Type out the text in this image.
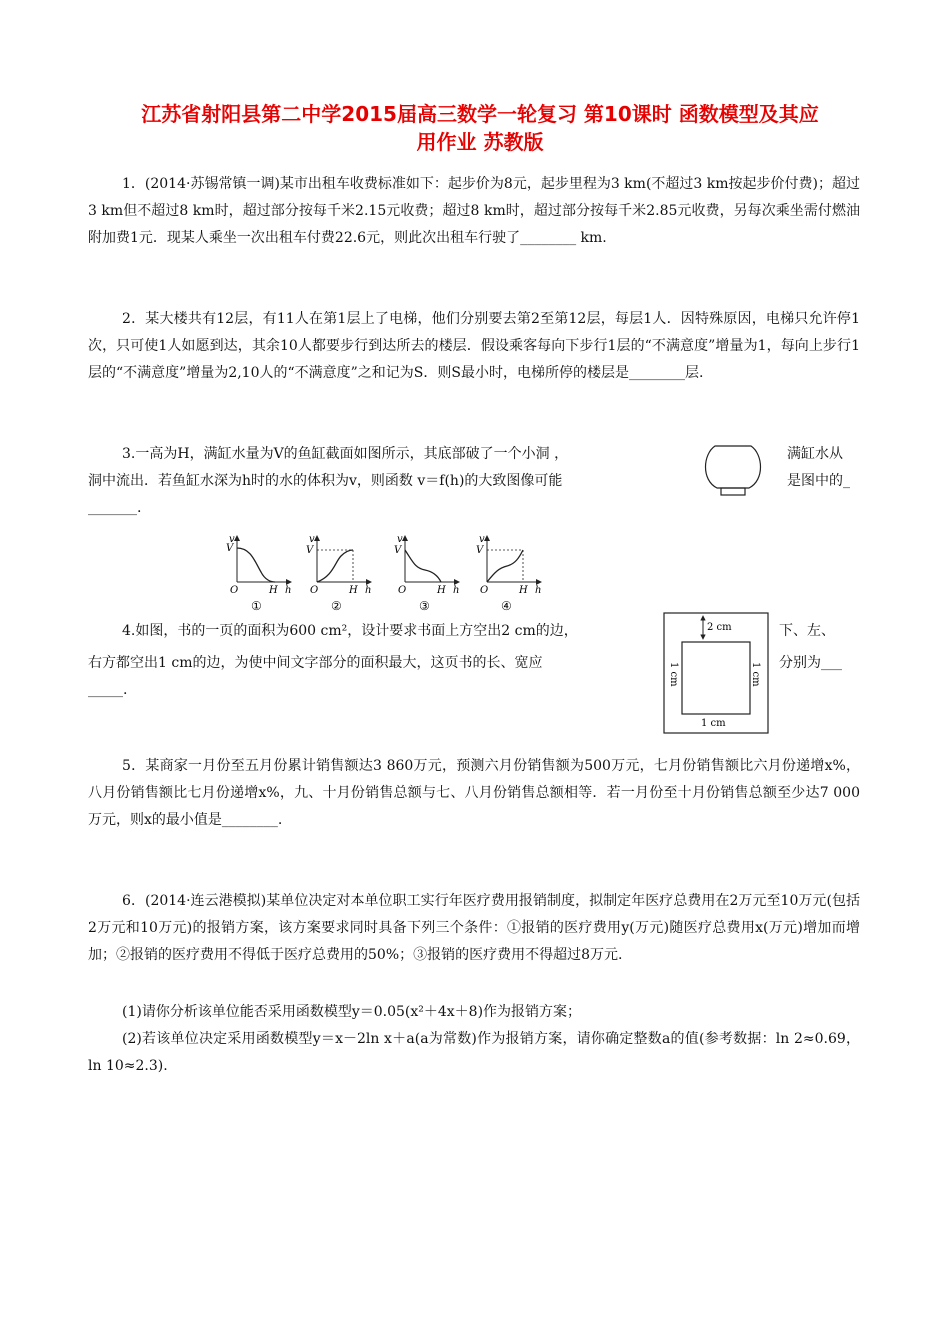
江苏省射阳县第二中学2015届高三数学一轮复习 第10课时 函数模型及其应
用作业 苏教版
1．(2014·苏锡常镇一调)某市出租车收费标准如下：起步价为8元，起步里程为3 km(不超过3 km按起步价付费)；超过3 km但不超过8 km时，超过部分按每千米2.15元收费；超过8 km时，超过部分按每千米2.85元收费，另每次乘坐需付燃油附加费1元．现某人乘坐一次出租车付费22.6元，则此次出租车行驶了________ km.
2．某大楼共有12层，有11人在第1层上了电梯，他们分别要去第2至第12层，每层1人．因特殊原因，电梯只允许停1次，只可使1人如愿到达，其余10人都要步行到达所去的楼层．假设乘客每向下步行1层的“不满意度”增量为1，每向上步行1层的“不满意度”增量为2,10人的“不满意度”之和记为S．则S最小时，电梯所停的楼层是________层.
3.一高为H，满缸水量为V的鱼缸截面如图所示，其底部破了一个小洞 ，	满缸水从
洞中流出．若鱼缸水深为h时的水的体积为v，则函数 v＝f(h)的大致图像可能	是图中的_
_______.
v
V
O	H h
①
v
V
O	H h
②
v
V
O	H h
③
v
V
O	H h
④
4.如图，书的一页的面积为600 cm²，设计要求书面上方空出2 cm的边，	下、左、
右方都空出1 cm的边，为使中间文字部分的面积最大，这页书的长、宽应	分别为___
_____.
2 cm
1 cm	1 cm
1 cm
5．某商家一月份至五月份累计销售额达3 860万元，预测六月份销售额为500万元，七月份销售额比六月份递增x%，八月份销售额比七月份递增x%，九、十月份销售总额与七、八月份销售总额相等．若一月份至十月份销售总额至少达7 000万元，则x的最小值是________.
6．(2014·连云港模拟)某单位决定对本单位职工实行年医疗费用报销制度，拟制定年医疗总费用在2万元至10万元(包括2万元和10万元)的报销方案，该方案要求同时具备下列三个条件：①报销的医疗费用y(万元)随医疗总费用x(万元)增加而增加；②报销的医疗费用不得低于医疗总费用的50%；③报销的医疗费用不得超过8万元.
(1)请你分析该单位能否采用函数模型y＝0.05(x²＋4x＋8)作为报销方案；
(2)若该单位决定采用函数模型y＝x－2ln x＋a(a为常数)作为报销方案，请你确定整数a的值(参考数据：ln 2≈0.69，ln 10≈2.3).
